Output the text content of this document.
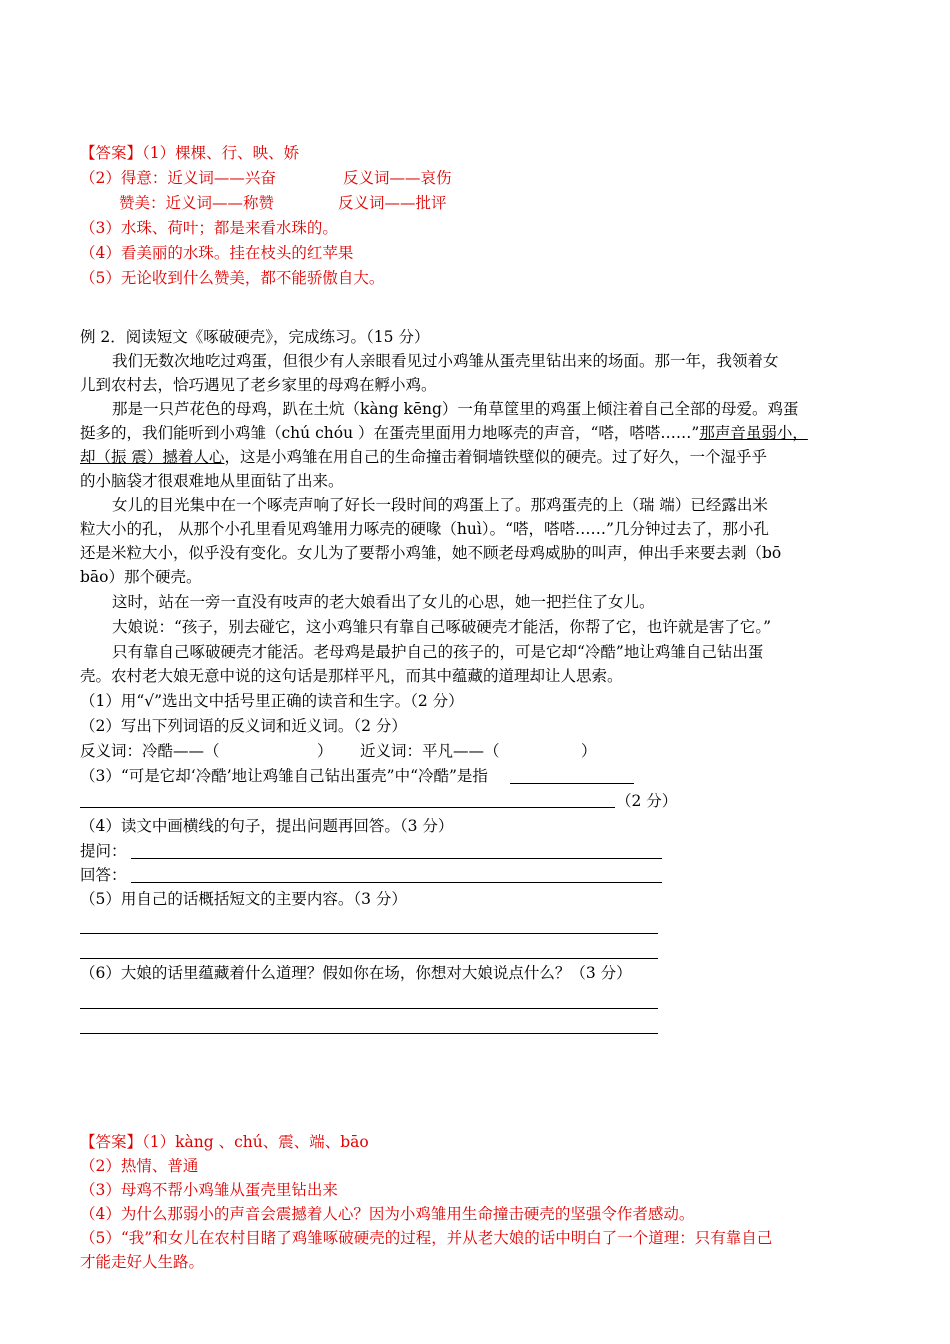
【答案】（1）棵棵、行、映、娇
（2）得意：近义词——兴奋	反义词——哀伤
赞美：近义词——称赞	反义词——批评
（3）水珠、荷叶；都是来看水珠的。
（4）看美丽的水珠。挂在枝头的红苹果
（5）无论收到什么赞美，都不能骄傲自大。
例 2．阅读短文《啄破硬壳》，完成练习。（15 分）
我们无数次地吃过鸡蛋，但很少有人亲眼看见过小鸡雏从蛋壳里钻出来的场面。那一年，我领着女
儿到农村去，恰巧遇见了老乡家里的母鸡在孵小鸡。
那是一只芦花色的母鸡，趴在土炕（kàng kēng）一角草筐里的鸡蛋上倾注着自己全部的母爱。鸡蛋
挺多的，我们能听到小鸡雏（chú chóu ）在蛋壳里面用力地啄壳的声音，“嗒，嗒嗒……”那声音虽弱小，
却（振 震）撼着人心，这是小鸡雏在用自己的生命撞击着铜墙铁壁似的硬壳。过了好久，一个湿乎乎
的小脑袋才很艰难地从里面钻了出来。
女儿的目光集中在一个啄壳声响了好长一段时间的鸡蛋上了。那鸡蛋壳的上（瑞 端）已经露出米
粒大小的孔， 从那个小孔里看见鸡雏用力啄壳的硬喙（huì）。“嗒，嗒嗒……”几分钟过去了，那小孔
还是米粒大小，似乎没有变化。女儿为了要帮小鸡雏，她不顾老母鸡威胁的叫声，伸出手来要去剥（bō
bāo）那个硬壳。
这时，站在一旁一直没有吱声的老大娘看出了女儿的心思，她一把拦住了女儿。
大娘说：“孩子，别去碰它，这小鸡雏只有靠自己啄破硬壳才能活，你帮了它，也许就是害了它。”
只有靠自己啄破硬壳才能活。老母鸡是最护自己的孩子的，可是它却“冷酷”地让鸡雏自己钻出蛋
壳。农村老大娘无意中说的这句话是那样平凡，而其中蕴藏的道理却让人思索。
（1）用“√”选出文中括号里正确的读音和生字。（2 分）
（2）写出下列词语的反义词和近义词。（2 分）
反义词：冷酷——（	） 近义词：平凡——（	）
（3）“可是它却‘冷酷’地让鸡雏自己钻出蛋壳”中“冷酷”是指
（2 分）
（4）读文中画横线的句子，提出问题再回答。（3 分）
提问：
回答：
（5）用自己的话概括短文的主要内容。（3 分）
（6）大娘的话里蕴藏着什么道理？假如你在场，你想对大娘说点什么？（3 分）
【答案】（1）kàng 、chú、震、端、bāo
（2）热情、普通
（3）母鸡不帮小鸡雏从蛋壳里钻出来
（4）为什么那弱小的声音会震撼着人心？因为小鸡雏用生命撞击硬壳的坚强令作者感动。
（5）“我”和女儿在农村目睹了鸡雏啄破硬壳的过程，并从老大娘的话中明白了一个道理：只有靠自己
才能走好人生路。
